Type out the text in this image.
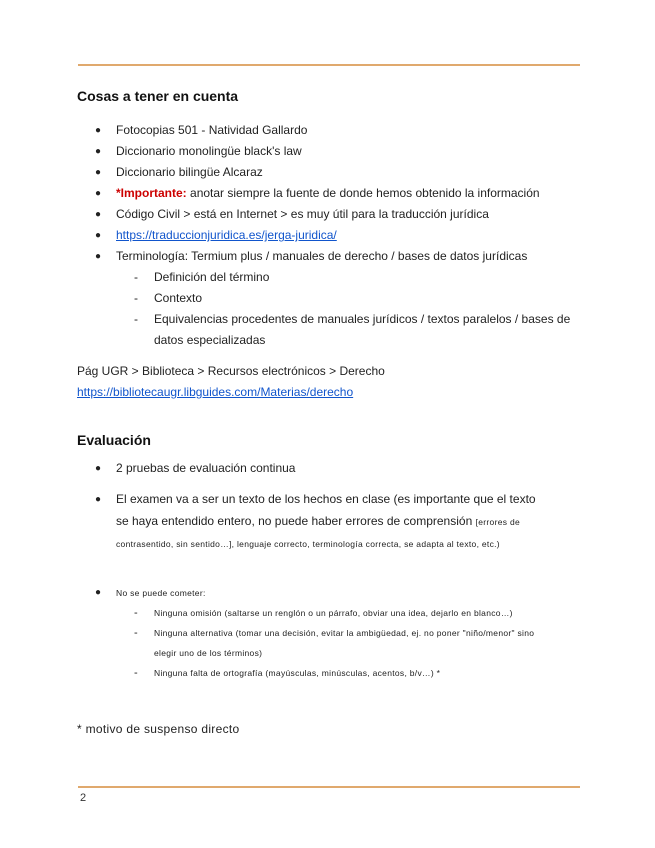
Cosas a tener en cuenta
● Fotocopias 501 - Natividad Gallardo
● Diccionario monolingüe black's law
● Diccionario bilingüe Alcaraz
● *Importante: anotar siempre la fuente de donde hemos obtenido la información
● Código Civil > está en Internet > es muy útil para la traducción jurídica
● https://traduccionjuridica.es/jerga-juridica/
● Terminología: Termium plus / manuales de derecho / bases de datos jurídicas
- Definición del término
- Contexto
- Equivalencias procedentes de manuales jurídicos / textos paralelos / bases de datos especializadas
Pág UGR > Biblioteca > Recursos electrónicos > Derecho
https://bibliotecaugr.libguides.com/Materias/derecho
Evaluación
● 2 pruebas de evaluación continua
● El examen va a ser un texto de los hechos en clase (es importante que el texto se haya entendido entero, no puede haber errores de comprensión [errores de contrasentido, sin sentido…], lenguaje correcto, terminología correcta, se adapta al texto, etc.)
● No se puede cometer:
- Ninguna omisión (saltarse un renglón o un párrafo, obviar una idea, dejarlo en blanco…)
- Ninguna alternativa (tomar una decisión, evitar la ambigüedad, ej. no poner "niño/menor" sino elegir uno de los términos)
- Ninguna falta de ortografía (mayúsculas, minúsculas, acentos, b/v…) *
* motivo de suspenso directo
2
